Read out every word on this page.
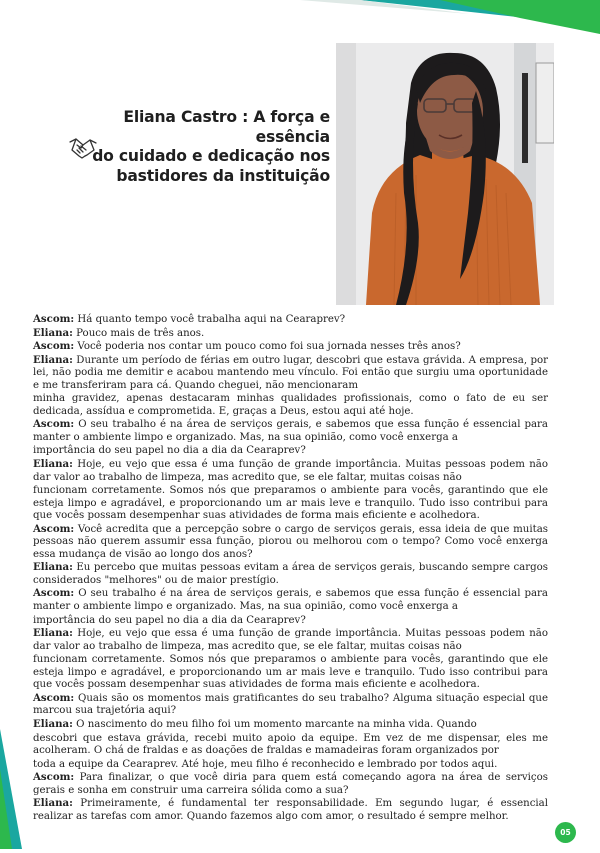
Eliana Castro : A força e essência

do cuidado e dedicação nos

bastidores da instituição

Ascom: Há quanto tempo você trabalha aqui na Cearaprev?

Eliana: Pouco mais de três anos.

Ascom: Você poderia nos contar um pouco como foi sua jornada nesses três anos?

Eliana: Durante um período de férias em outro lugar, descobri que estava grávida. A empresa, por lei, não podia me demitir e acabou mantendo meu vínculo. Foi então que surgiu uma oportunidade e me transferiram para cá. Quando cheguei, não mencionaram

minha gravidez, apenas destacaram minhas qualidades profissionais, como o fato de eu ser dedicada, assídua e comprometida. E, graças a Deus, estou aqui até hoje.

Ascom: O seu trabalho é na área de serviços gerais, e sabemos que essa função é essencial para manter o ambiente limpo e organizado. Mas, na sua opinião, como você enxerga a

importância do seu papel no dia a dia da Cearaprev?

Eliana: Hoje, eu vejo que essa é uma função de grande importância. Muitas pessoas podem não dar valor ao trabalho de limpeza, mas acredito que, se ele faltar, muitas coisas não

funcionam corretamente. Somos nós que preparamos o ambiente para vocês, garantindo que ele esteja limpo e agradável, e proporcionando um ar mais leve e tranquilo. Tudo isso contribui para que vocês possam desempenhar suas atividades de forma mais eficiente e acolhedora.

Ascom: Você acredita que a percepção sobre o cargo de serviços gerais, essa ideia de que muitas pessoas não querem assumir essa função, piorou ou melhorou com o tempo? Como você enxerga essa mudança de visão ao longo dos anos?

Eliana: Eu percebo que muitas pessoas evitam a área de serviços gerais, buscando sempre cargos considerados "melhores" ou de maior prestígio.

Ascom: O seu trabalho é na área de serviços gerais, e sabemos que essa função é essencial para manter o ambiente limpo e organizado. Mas, na sua opinião, como você enxerga a

importância do seu papel no dia a dia da Cearaprev?

Eliana: Hoje, eu vejo que essa é uma função de grande importância. Muitas pessoas podem não dar valor ao trabalho de limpeza, mas acredito que, se ele faltar, muitas coisas não

funcionam corretamente. Somos nós que preparamos o ambiente para vocês, garantindo que ele esteja limpo e agradável, e proporcionando um ar mais leve e tranquilo. Tudo isso contribui para que vocês possam desempenhar suas atividades de forma mais eficiente e acolhedora.

Ascom: Quais são os momentos mais gratificantes do seu trabalho? Alguma situação especial que marcou sua trajetória aqui?

Eliana: O nascimento do meu filho foi um momento marcante na minha vida. Quando

descobri que estava grávida, recebi muito apoio da equipe. Em vez de me dispensar, eles me acolheram. O chá de fraldas e as doações de fraldas e mamadeiras foram organizados por

toda a equipe da Cearaprev. Até hoje, meu filho é reconhecido e lembrado por todos aqui.

Ascom: Para finalizar, o que você diria para quem está começando agora na área de serviços gerais e sonha em construir uma carreira sólida como a sua?

Eliana: Primeiramente, é fundamental ter responsabilidade. Em segundo lugar, é essencial realizar as tarefas com amor. Quando fazemos algo com amor, o resultado é sempre melhor.

05
